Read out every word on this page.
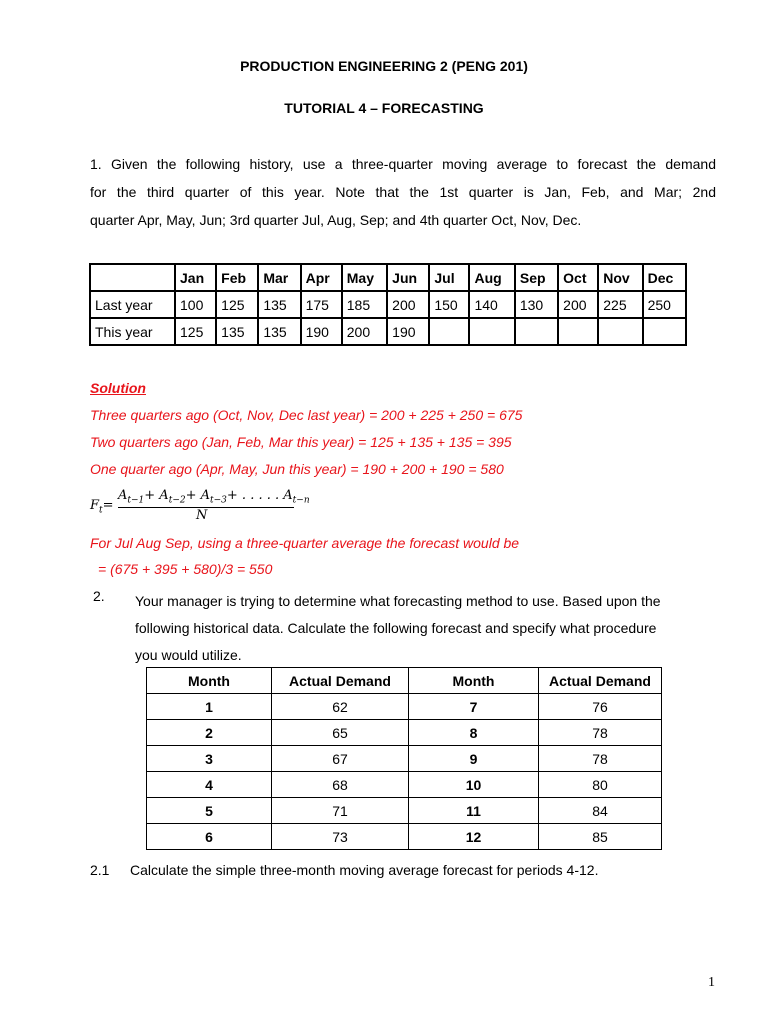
PRODUCTION ENGINEERING 2 (PENG 201)
TUTORIAL 4 – FORECASTING
1. Given the following history, use a three-quarter moving average to forecast the demand
for the third quarter of this year. Note that the 1st quarter is Jan, Feb, and Mar; 2nd
quarter Apr, May, Jun; 3rd quarter Jul, Aug, Sep; and 4th quarter Oct, Nov, Dec.
	Jan	Feb	Mar	Apr	May	Jun	Jul	Aug	Sep	Oct	Nov	Dec
Last year	100	125	135	175	185	200	150	140	130	200	225	250
This year	125	135	135	190	200	190						
Solution
Three quarters ago (Oct, Nov, Dec last year) = 200 + 225 + 250 = 675
Two quarters ago (Jan, Feb, Mar this year) = 125 + 135 + 135 = 395
One quarter ago (Apr, May, Jun this year) = 190 + 200 + 190 = 580
$F_t=$
$A_{t-1}+ A_{t-2}+ A_{t-3}+$ . . . . . $A_{t-n}$
N
For Jul Aug Sep, using a three-quarter average the forecast would be
= (675 + 395 + 580)/3 = 550
2. Your manager is trying to determine what forecasting method to use. Based upon the
following historical data. Calculate the following forecast and specify what procedure
you would utilize.
Month	Actual Demand	Month	Actual Demand
1	62	7	76
2	65	8	78
3	67	9	78
4	68	10	80
5	71	11	84
6	73	12	85
2.1 Calculate the simple three-month moving average forecast for periods 4-12.
1
